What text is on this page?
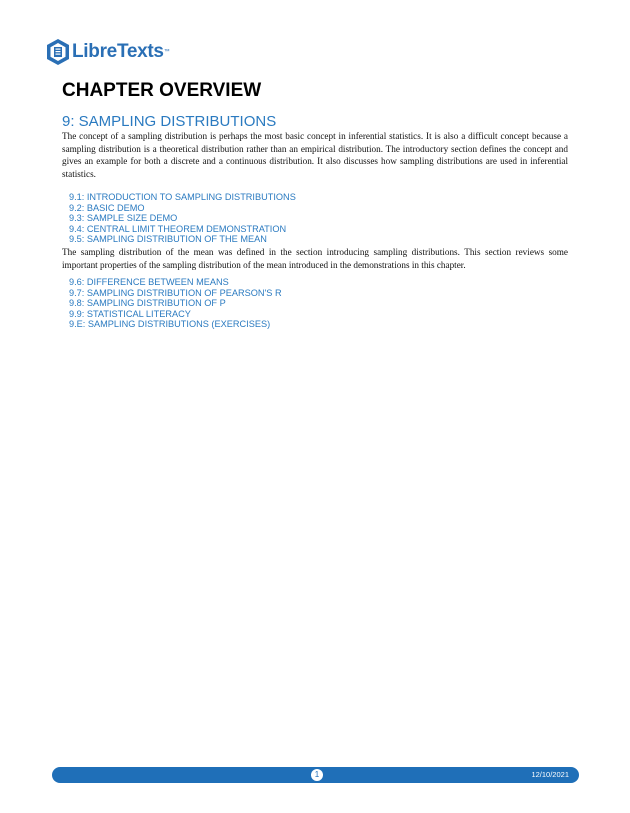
LibreTexts ™
CHAPTER OVERVIEW
9: SAMPLING DISTRIBUTIONS

The concept of a sampling distribution is perhaps the most basic concept in inferential statistics. It is also a difficult concept because a sampling distribution is a theoretical distribution rather than an empirical distribution. The introductory section defines the concept and gives an example for both a discrete and a continuous distribution. It also discusses how sampling distributions are used in inferential statistics.

9.1: INTRODUCTION TO SAMPLING DISTRIBUTIONS
9.2: BASIC DEMO
9.3: SAMPLE SIZE DEMO
9.4: CENTRAL LIMIT THEOREM DEMONSTRATION
9.5: SAMPLING DISTRIBUTION OF THE MEAN

The sampling distribution of the mean was defined in the section introducing sampling distributions. This section reviews some important properties of the sampling distribution of the mean introduced in the demonstrations in this chapter.

9.6: DIFFERENCE BETWEEN MEANS
9.7: SAMPLING DISTRIBUTION OF PEARSON'S R
9.8: SAMPLING DISTRIBUTION OF P
9.9: STATISTICAL LITERACY
9.E: SAMPLING DISTRIBUTIONS (EXERCISES)
1	12/10/2021
